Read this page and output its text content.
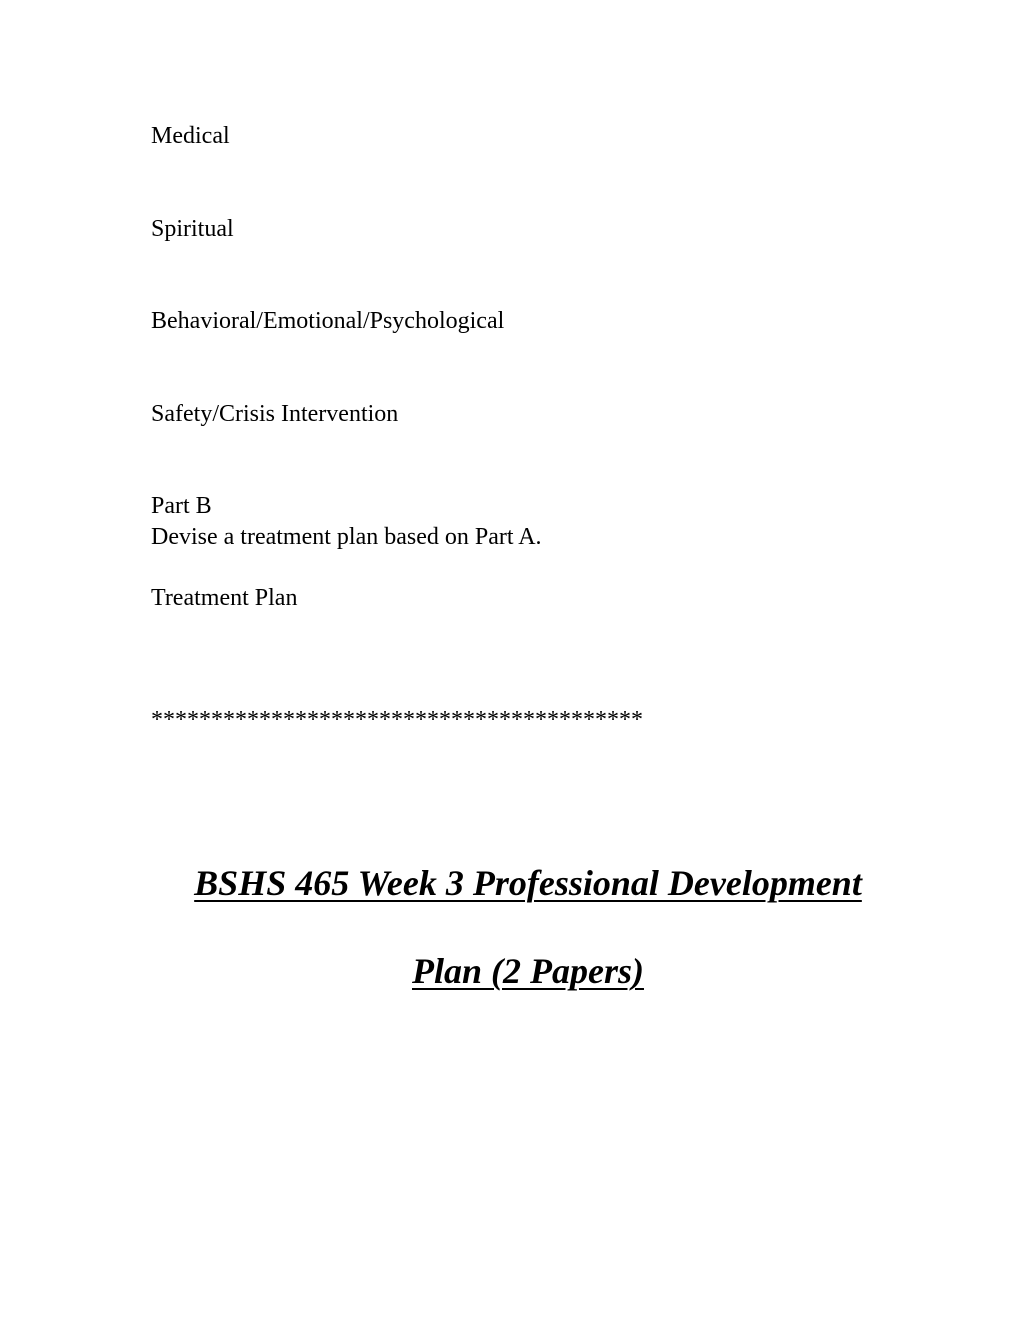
Medical
Spiritual
Behavioral/Emotional/Psychological
Safety/Crisis Intervention
Part B
Devise a treatment plan based on Part A.
Treatment Plan
*****************************************
BSHS 465 Week 3 Professional Development
Plan (2 Papers)
